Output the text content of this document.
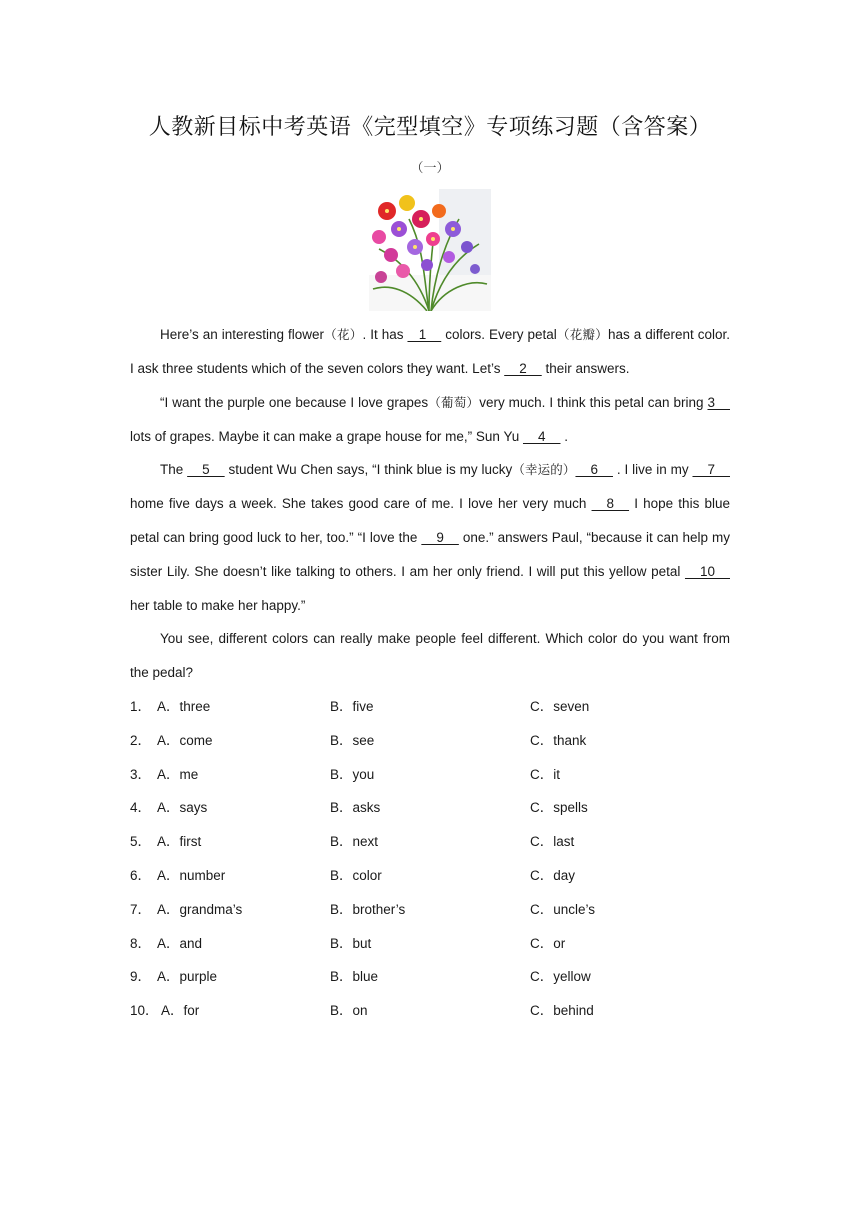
人教新目标中考英语《完型填空》专项练习题（含答案）
（一）

Here’s an interesting flower（花）. It has    1     colors. Every petal（花瓣）has a different color. I ask three students which of the seven colors they want. Let’s     2     their answers.

“I want the purple one because I love grapes（葡萄）very much. I think this petal can bring 3     lots of grapes. Maybe it can make a grape house for me,” Sun Yu     4     .

The     5     student Wu Chen says, “I think blue is my lucky（幸运的）    6     . I live in my     7     home five days a week. She takes good care of me. I love her very much     8     I hope this blue petal can bring good luck to her, too.” “I love the     9     one.” answers Paul, “because it can help my sister Lily. She doesn’t like talking to others. I am her only friend. I will put this yellow petal     10     her table to make her happy.”

You see, different colors can really make people feel different. Which color do you want from the pedal?

1． A．three	B．five	C．seven
2． A．come	B．see	C．thank
3． A．me	B．you	C．it
4． A．says	B．asks	C．spells
5． A．first	B．next	C．last
6． A．number	B．color	C．day
7． A．grandma’s	B．brother’s	C．uncle’s
8． A．and	B．but	C．or
9． A．purple	B．blue	C．yellow
10． A．for	B．on	C．behind
